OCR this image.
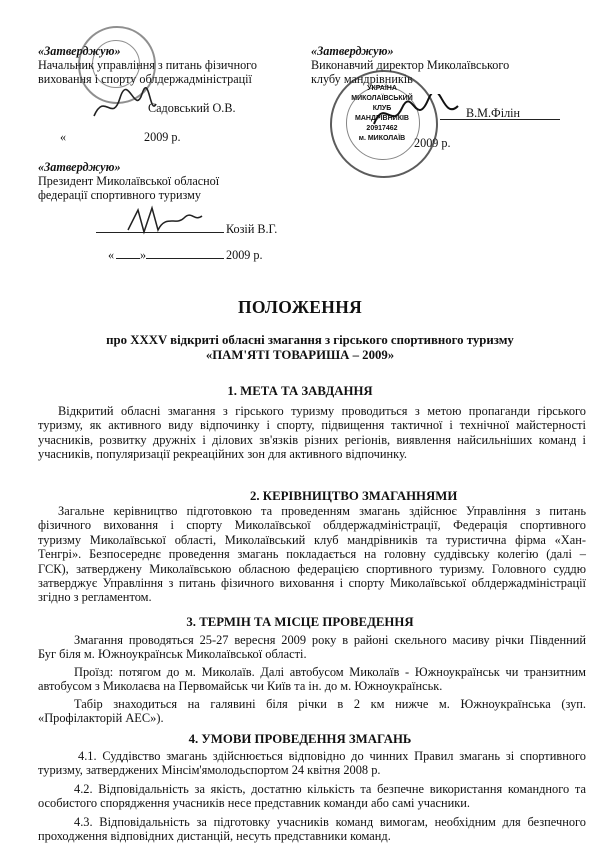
«Затверджую»
Начальник управління з питань фізичного
виховання і спорту облдержадміністрації
Садовський О.В.
«	2009 р.
«Затверджую»
Виконавчий директор Миколаївського
клубу мандрівників
В.М.Філін
2009 р.
УКРАЇНА
МИКОЛАЇВСЬКИЙ
КЛУБ
МАНДРІВНИКІВ
20917462
м. МИКОЛАЇВ
«Затверджую»
Президент Миколаївської обласної
федерації спортивного туризму
Козій В.Г.
« »	2009 р.
ПОЛОЖЕННЯ
про XXXV відкриті обласні змагання з гірського спортивного туризму
«ПАМ'ЯТІ ТОВАРИША – 2009»
1. МЕТА ТА ЗАВДАННЯ
Відкритий обласні змагання з гірського туризму проводиться з метою пропаганди гірського
туризму, як активного виду відпочинку і спорту, підвищення тактичної і технічної майстерності
учасників, розвитку дружніх і ділових зв'язків різних регіонів, виявлення найсильніших команд і
учасників, популяризації рекреаційних зон для активного відпочинку.
2. КЕРІВНИЦТВО ЗМАГАННЯМИ
Загальне керівництво підготовкою та проведенням змагань здійснює Управління з питань
фізичного виховання і спорту Миколаївської облдержадміністрації, Федерація спортивного
туризму Миколаївської області, Миколаївський клуб мандрівників та туристична фірма «Хан-
Тенгрі». Безпосереднє проведення змагань покладається на головну суддівську колегію (далі –
ГСК), затверджену Миколаївською обласною федерацією спортивного туризму. Головного суддю
затверджує Управління з питань фізичного виховання і спорту Миколаївської облдержадміністрації
згідно з регламентом.
3. ТЕРМІН ТА МІСЦЕ ПРОВЕДЕННЯ
Змагання проводяться 25-27 вересня 2009 року в районі скельного масиву річки Південний
Буг біля м. Южноукраїнськ Миколаївської області.
Проїзд: потягом до м. Миколаїв. Далі автобусом Миколаїв - Южноукраїнськ чи транзитним
автобусом з Миколаєва на Первомайськ чи Київ та ін. до м. Южноукраїнськ.
Табір знаходиться на галявині біля річки в 2 км нижче м. Южноукраїнська (зуп.
«Профілакторій АЕС»).
4. УМОВИ ПРОВЕДЕННЯ ЗМАГАНЬ
4.1. Суддівство змагань здійснюється відповідно до чинних Правил змагань зі спортивного
туризму, затверджених Мінсім'ямолодьспортом 24 квітня 2008 р.
4.2. Відповідальність за якість, достатню кількість та безпечне використання командного та
особистого спорядження учасників несе представник команди або самі учасники.
4.3. Відповідальність за підготовку учасників команд вимогам, необхідним для безпечного
проходження відповідних дистанцій, несуть представники команд.
